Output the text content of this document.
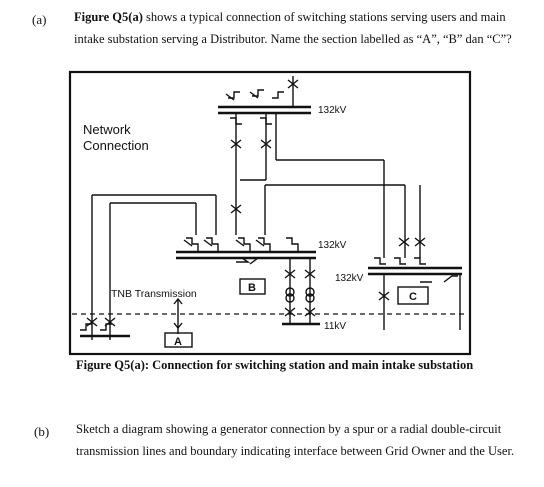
(a) Figure Q5(a) shows a typical connection of switching stations serving users and main
intake substation serving a Distributor. Name the section labelled as “A”, “B” dan “C”?
Network
Connection
132kV
132kV
132kV
11kV
TNB Transmission
A
B
C
Figure Q5(a): Connection for switching station and main intake substation
(b) Sketch a diagram showing a generator connection by a spur or a radial double-circuit
transmission lines and boundary indicating interface between Grid Owner and the User.
